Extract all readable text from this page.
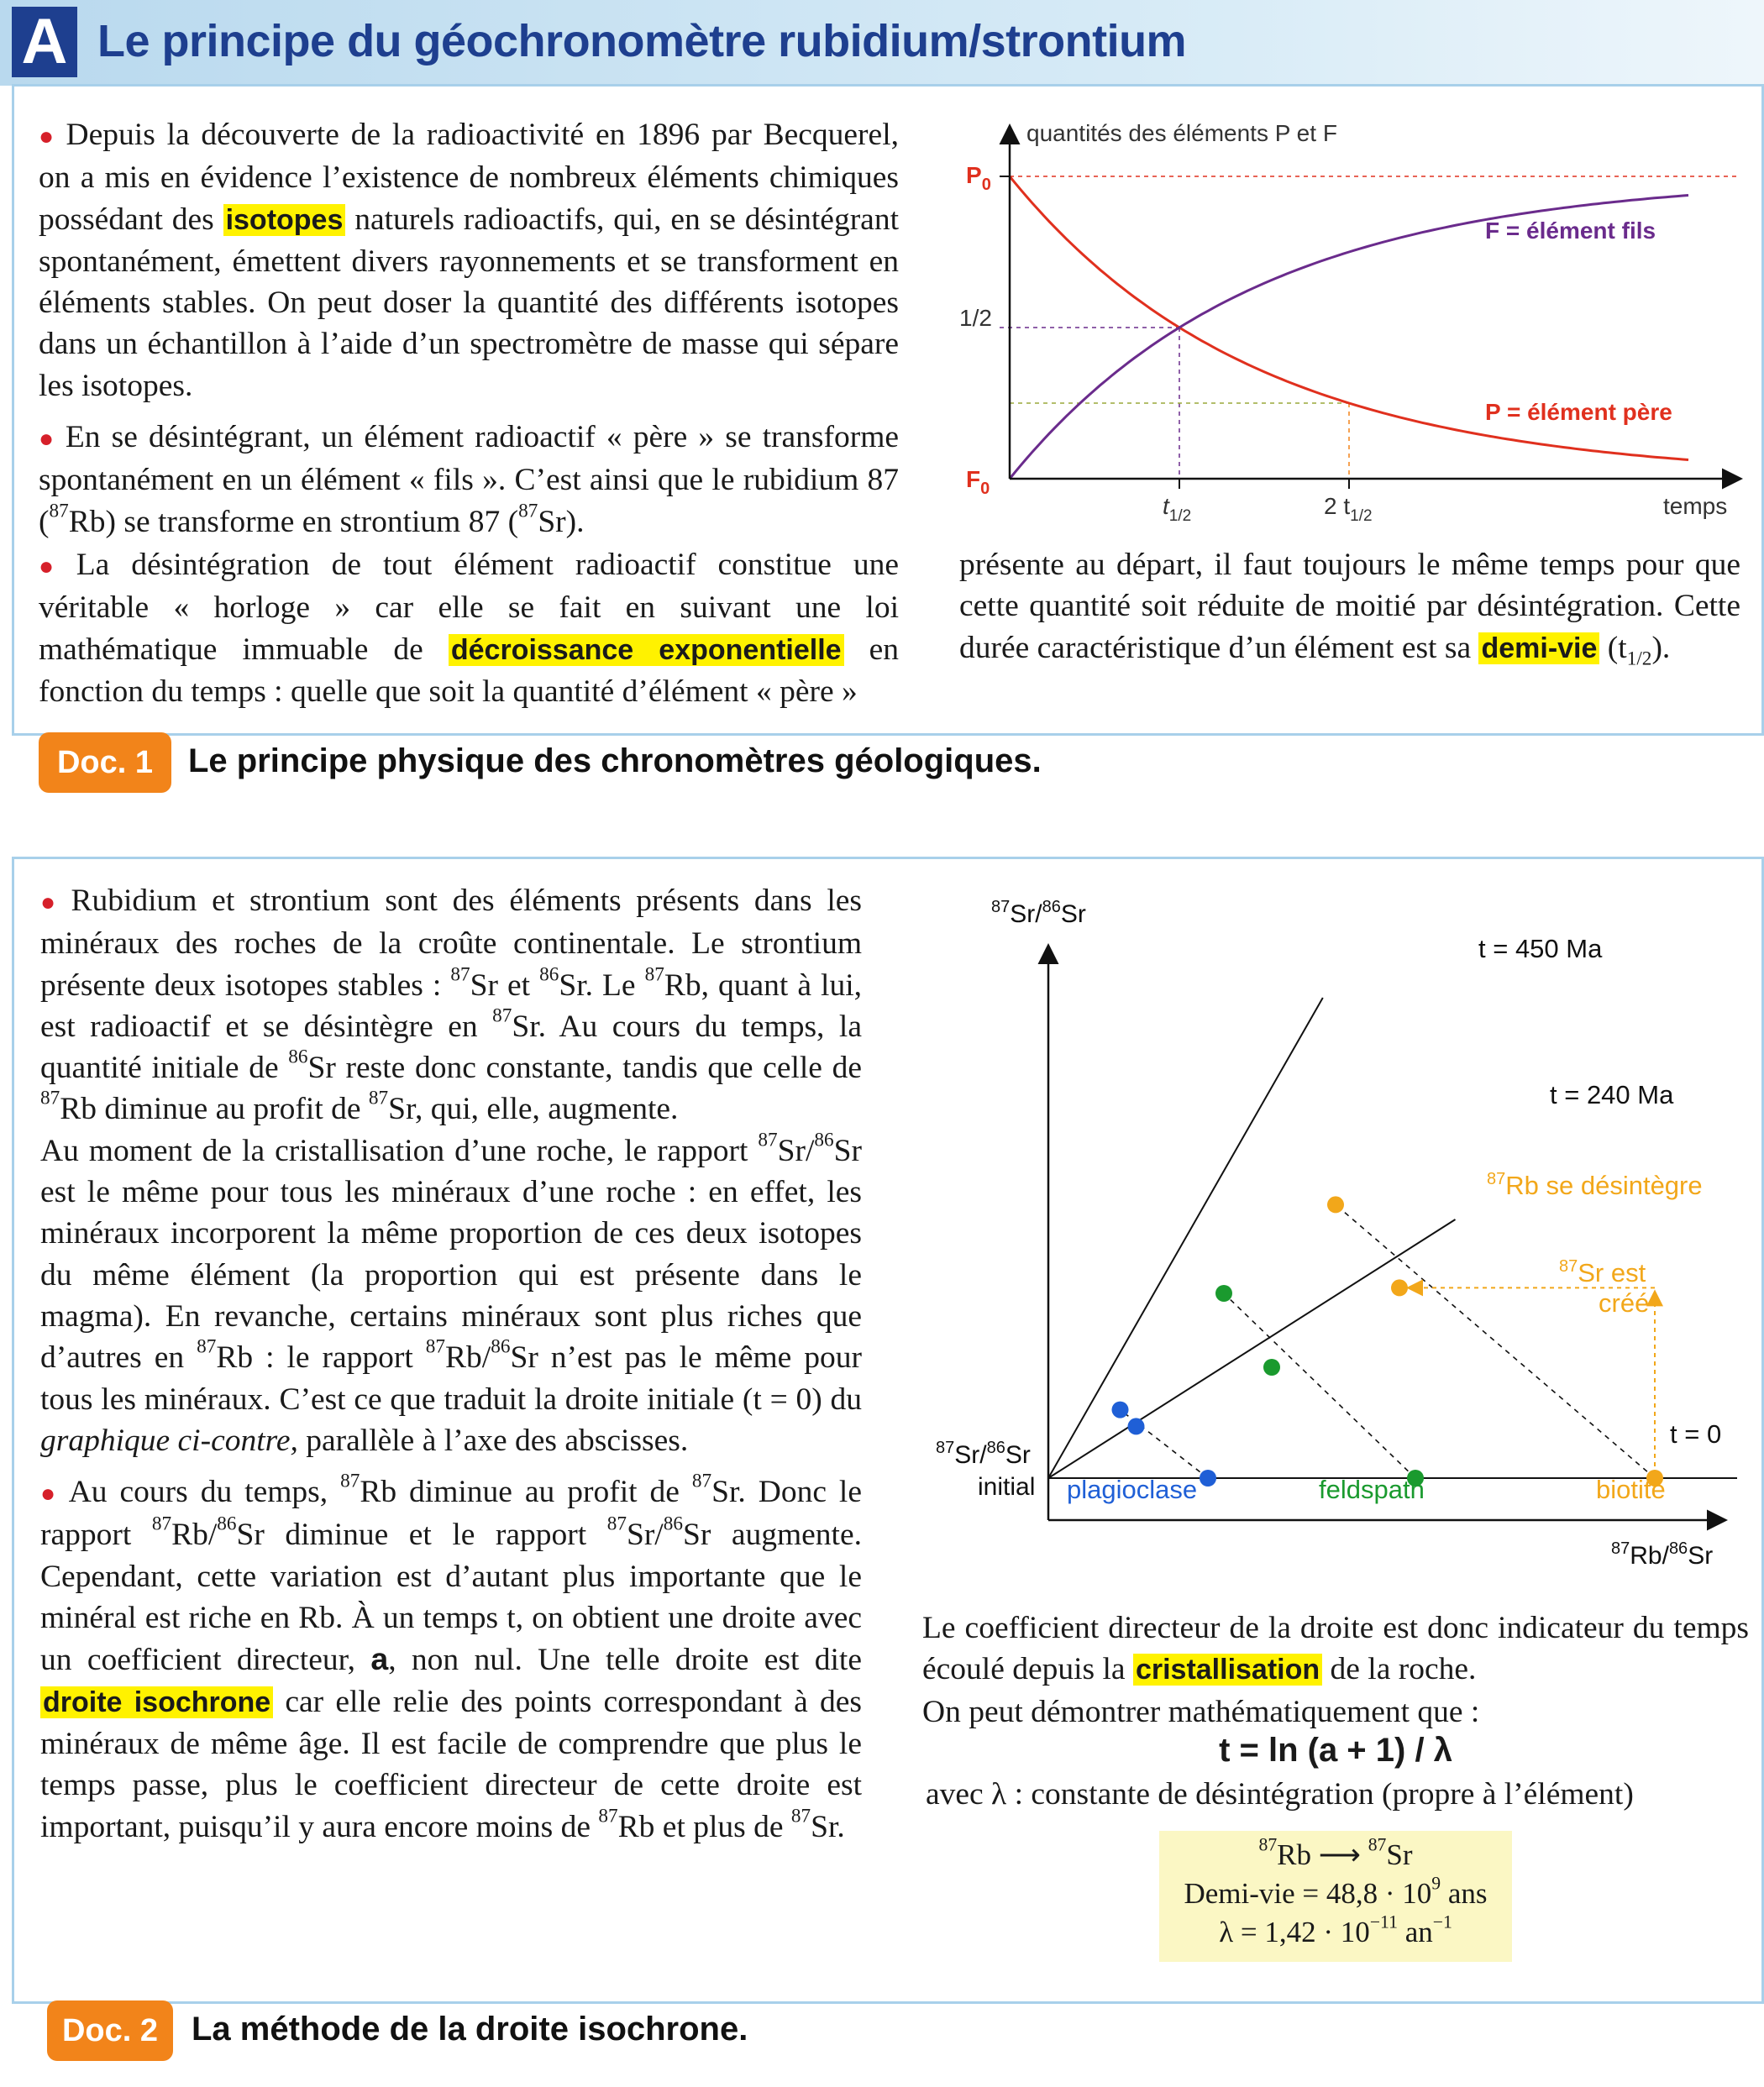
A Le principe du géochronomètre rubidium/strontium

● Depuis la découverte de la radioactivité en 1896 par Becquerel, on a mis en évidence l’existence de nombreux éléments chimiques possédant des isotopes naturels radioactifs, qui, en se désintégrant spontanément, émettent divers rayonnements et se transforment en éléments stables. On peut doser la quantité des différents isotopes dans un échantillon à l’aide d’un spectromètre de masse qui sépare les isotopes.

● En se désintégrant, un élément radioactif « père » se transforme spontanément en un élément « fils ». C’est ainsi que le rubidium 87 ($^{87}$Rb) se transforme en strontium 87 ($^{87}$Sr).

● La désintégration de tout élément radioactif constitue une véritable « horloge » car elle se fait en suivant une loi mathématique immuable de décroissance exponentielle en fonction du temps : quelle que soit la quantité d’élément « père »
quantités des éléments P et F
$P_0$
1/2
$F_0$
$t_{1/2}$	2 $t_{1/2}$	temps
F = élément fils
P = élément père
présente au départ, il faut toujours le même temps pour que cette quantité soit réduite de moitié par désintégration. Cette durée caractéristique d’un élément est sa demi-vie $(t_{1/2})$.
Doc. 1	Le principe physique des chronomètres géologiques.

● Rubidium et strontium sont des éléments présents dans les minéraux des roches de la croûte continentale. Le strontium présente deux isotopes stables : $^{87}$Sr et $^{86}$Sr. Le $^{87}$Rb, quant à lui, est radioactif et se désintègre en $^{87}$Sr. Au cours du temps, la quantité initiale de $^{86}$Sr reste donc constante, tandis que celle de $^{87}$Rb diminue au profit de $^{87}$Sr, qui, elle, augmente.
Au moment de la cristallisation d’une roche, le rapport $^{87}$Sr/$^{86}$Sr est le même pour tous les minéraux d’une roche : en effet, les minéraux incorporent la même proportion de ces deux isotopes du même élément (la proportion qui est présente dans le magma). En revanche, certains minéraux sont plus riches que d’autres en $^{87}$Rb : le rapport $^{87}$Rb/$^{86}$Sr n’est pas le même pour tous les minéraux. C’est ce que traduit la droite initiale (t = 0) du graphique ci-contre, parallèle à l’axe des abscisses.

● Au cours du temps, $^{87}$Rb diminue au profit de $^{87}$Sr. Donc le rapport $^{87}$Rb/$^{86}$Sr diminue et le rapport $^{87}$Sr/$^{86}$Sr augmente. Cependant, cette variation est d’autant plus importante que le minéral est riche en Rb. À un temps t, on obtient une droite avec un coefficient directeur, a, non nul. Une telle droite est dite droite isochrone car elle relie des points correspondant à des minéraux de même âge. Il est facile de comprendre que plus le temps passe, plus le coefficient directeur de cette droite est important, puisqu’il y aura encore moins de $^{87}$Rb et plus de $^{87}$Sr.

$^{87}$Sr/$^{86}$Sr
$^{87}$Rb/$^{86}$Sr
$^{87}$Sr/$^{86}$Sr
initial
t = 450 Ma
t = 240 Ma
t = 0
$^{87}$Rb se désintègre
$^{87}$Sr est
créé
plagioclase	feldspath	biotite
Le coefficient directeur de la droite est donc indicateur du temps écoulé depuis la cristallisation de la roche.
On peut démontrer mathématiquement que :
t = ln (a + 1) / λ
avec λ : constante de désintégration (propre à l’élément)
$^{87}$Rb ⟶ $^{87}$Sr
Demi-vie = $48,8 \cdot 10^9$ ans
$\lambda = 1,42 \cdot 10^{-11}$ $an^{-1}$
Doc. 2 La méthode de la droite isochrone.
